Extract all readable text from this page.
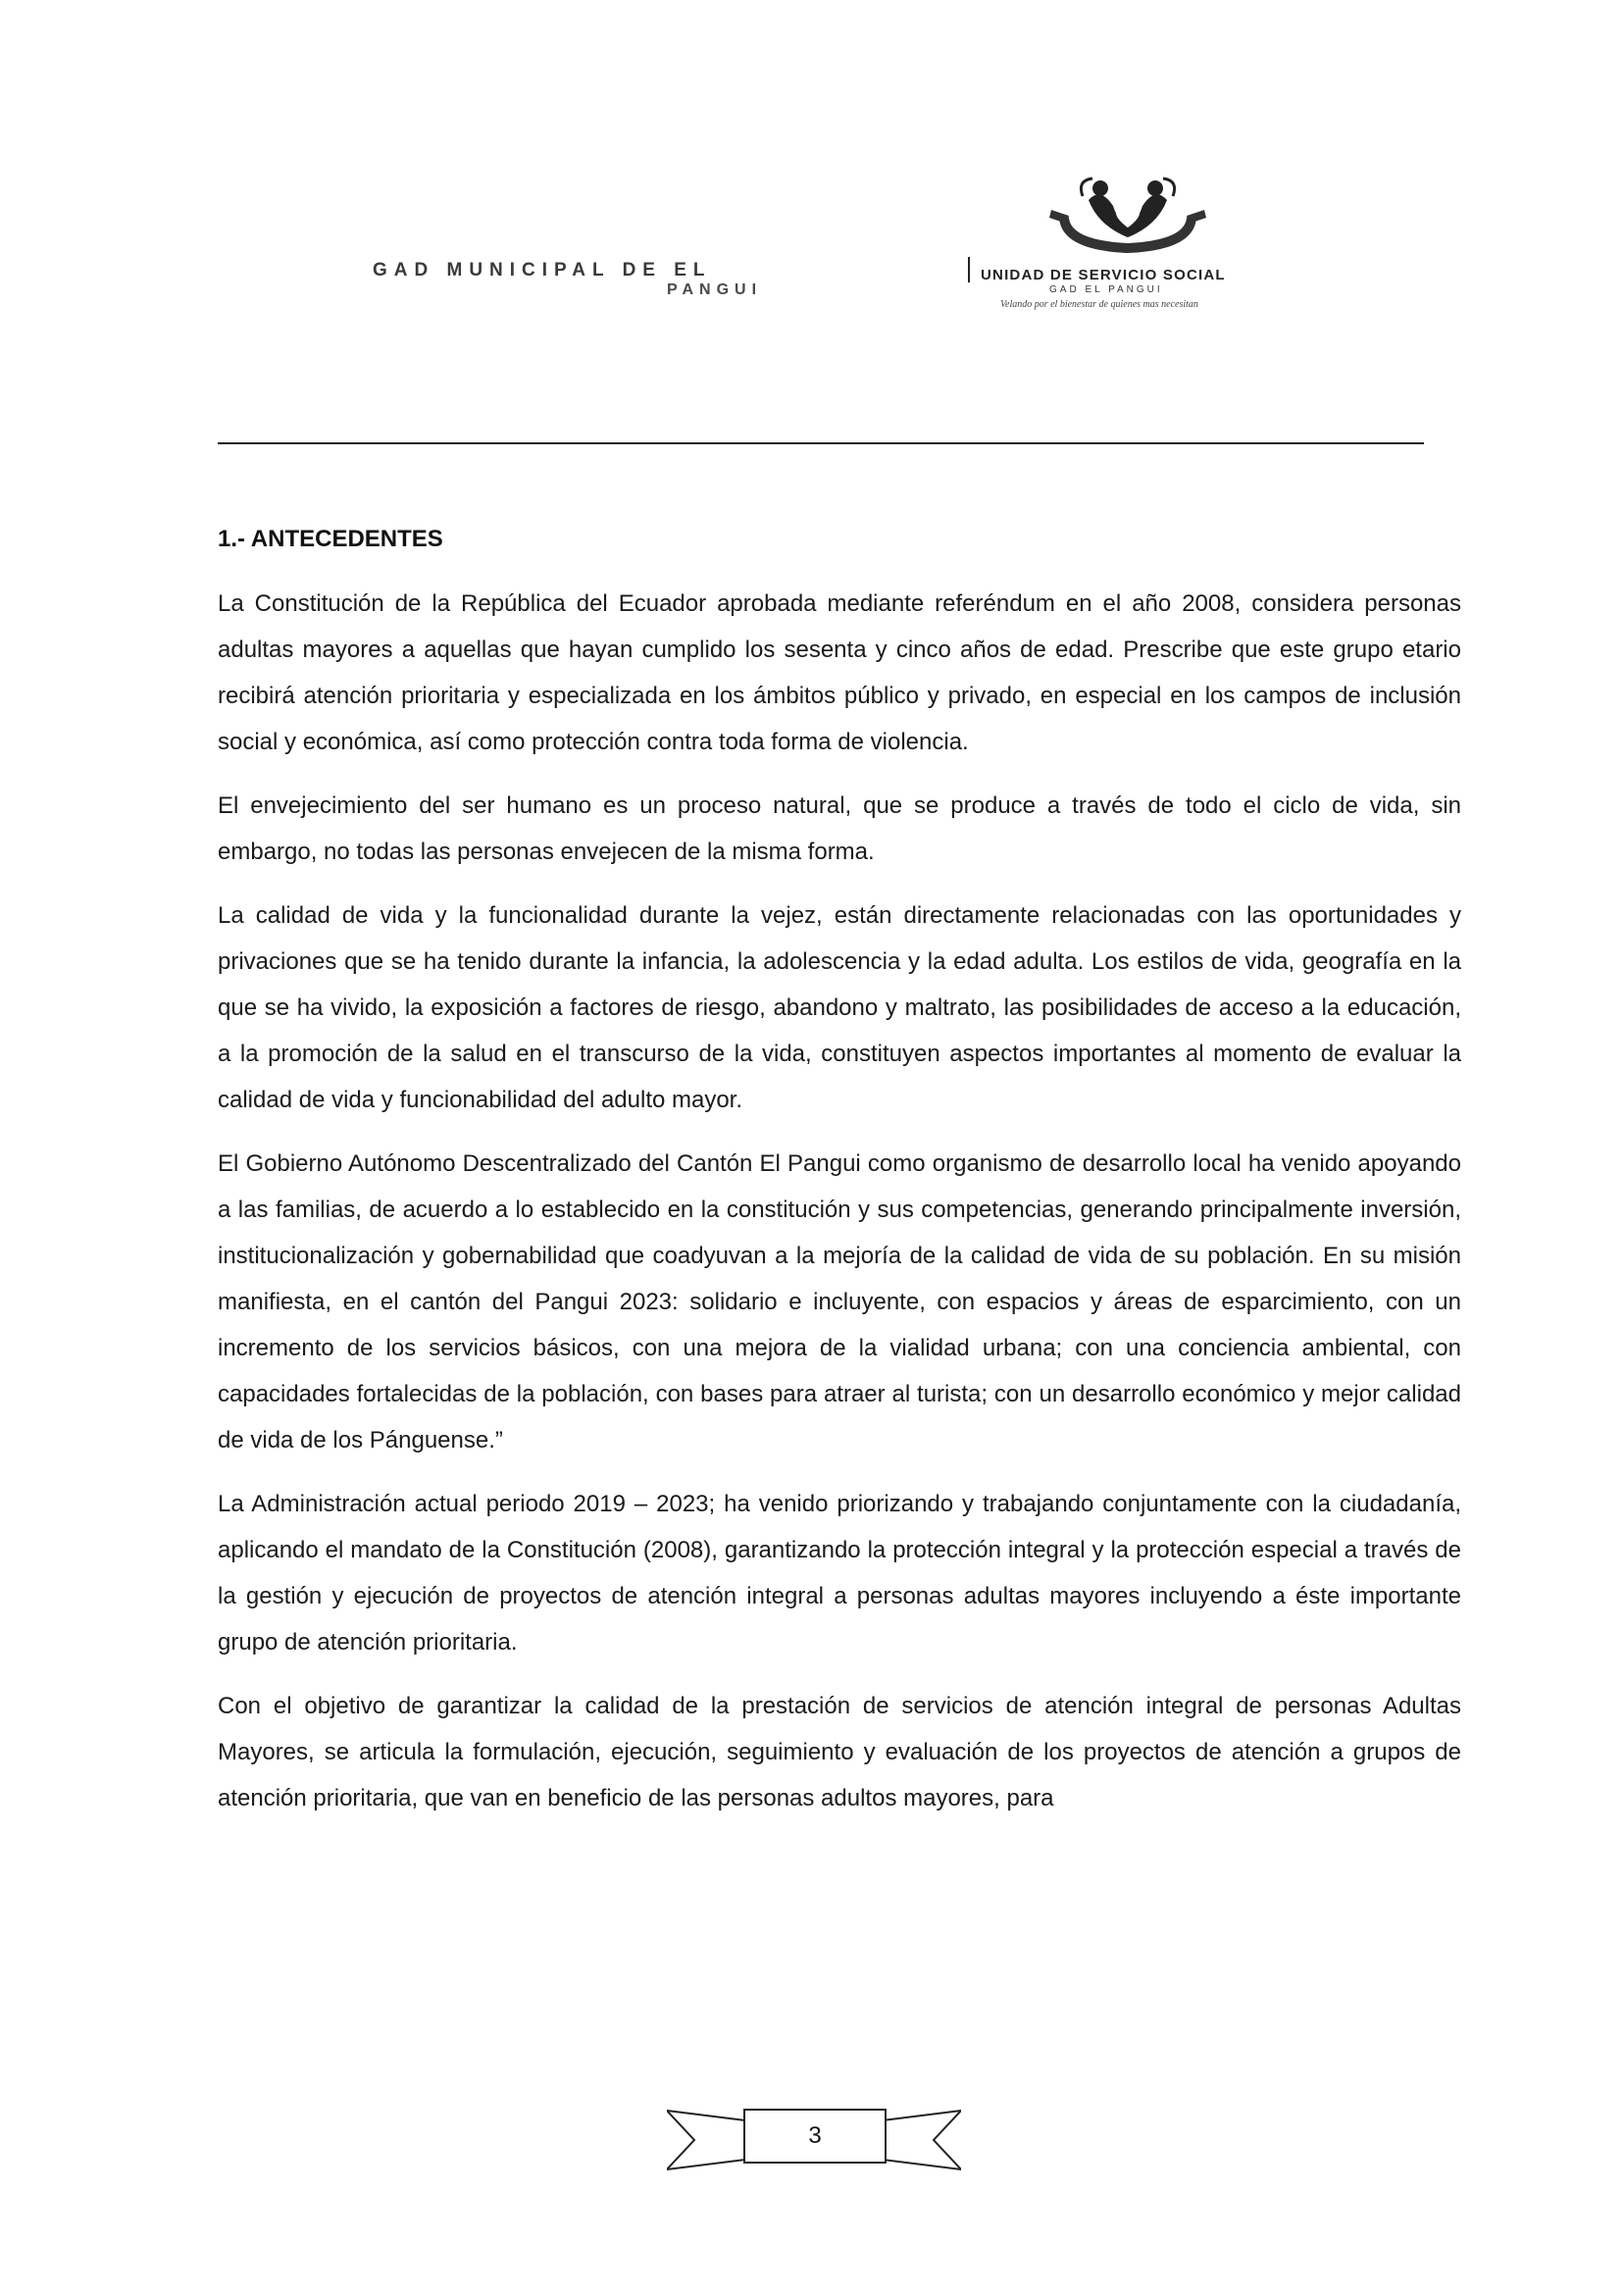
GAD MUNICIPAL DE EL
PANGUI
UNIDAD DE SERVICIO SOCIAL
GAD EL PANGUI
Velando por el bienestar de quienes mas necesitan
1.- ANTECEDENTES

La Constitución de la República del Ecuador aprobada mediante referéndum en el año 2008, considera personas adultas mayores a aquellas que hayan cumplido los sesenta y cinco años de edad. Prescribe que este grupo etario recibirá atención prioritaria y especializada en los ámbitos público y privado, en especial en los campos de inclusión social y económica, así como protección contra toda forma de violencia.

El envejecimiento del ser humano es un proceso natural, que se produce a través de todo el ciclo de vida, sin embargo, no todas las personas envejecen de la misma forma.

La calidad de vida y la funcionalidad durante la vejez, están directamente relacionadas con las oportunidades y privaciones que se ha tenido durante la infancia, la adolescencia y la edad adulta. Los estilos de vida, geografía en la que se ha vivido, la exposición a factores de riesgo, abandono y maltrato, las posibilidades de acceso a la educación, a la promoción de la salud en el transcurso de la vida, constituyen aspectos importantes al momento de evaluar la calidad de vida y funcionabilidad del adulto mayor.

El Gobierno Autónomo Descentralizado del Cantón El Pangui como organismo de desarrollo local ha venido apoyando a las familias, de acuerdo a lo establecido en la constitución y sus competencias, generando principalmente inversión, institucionalización y gobernabilidad que coadyuvan a la mejoría de la calidad de vida de su población. En su misión manifiesta, en el cantón del Pangui 2023: solidario e incluyente, con espacios y áreas de esparcimiento, con un incremento de los servicios básicos, con una mejora de la vialidad urbana; con una conciencia ambiental, con capacidades fortalecidas de la población, con bases para atraer al turista; con un desarrollo económico y mejor calidad de vida de los Pánguense.”

La Administración actual periodo 2019 – 2023; ha venido priorizando y trabajando conjuntamente con la ciudadanía, aplicando el mandato de la Constitución (2008), garantizando la protección integral y la protección especial a través de la gestión y ejecución de proyectos de atención integral a personas adultas mayores incluyendo a éste importante grupo de atención prioritaria.

Con el objetivo de garantizar la calidad de la prestación de servicios de atención integral de personas Adultas Mayores, se articula la formulación, ejecución, seguimiento y evaluación de los proyectos de atención a grupos de atención prioritaria, que van en beneficio de las personas adultos mayores, para

3
